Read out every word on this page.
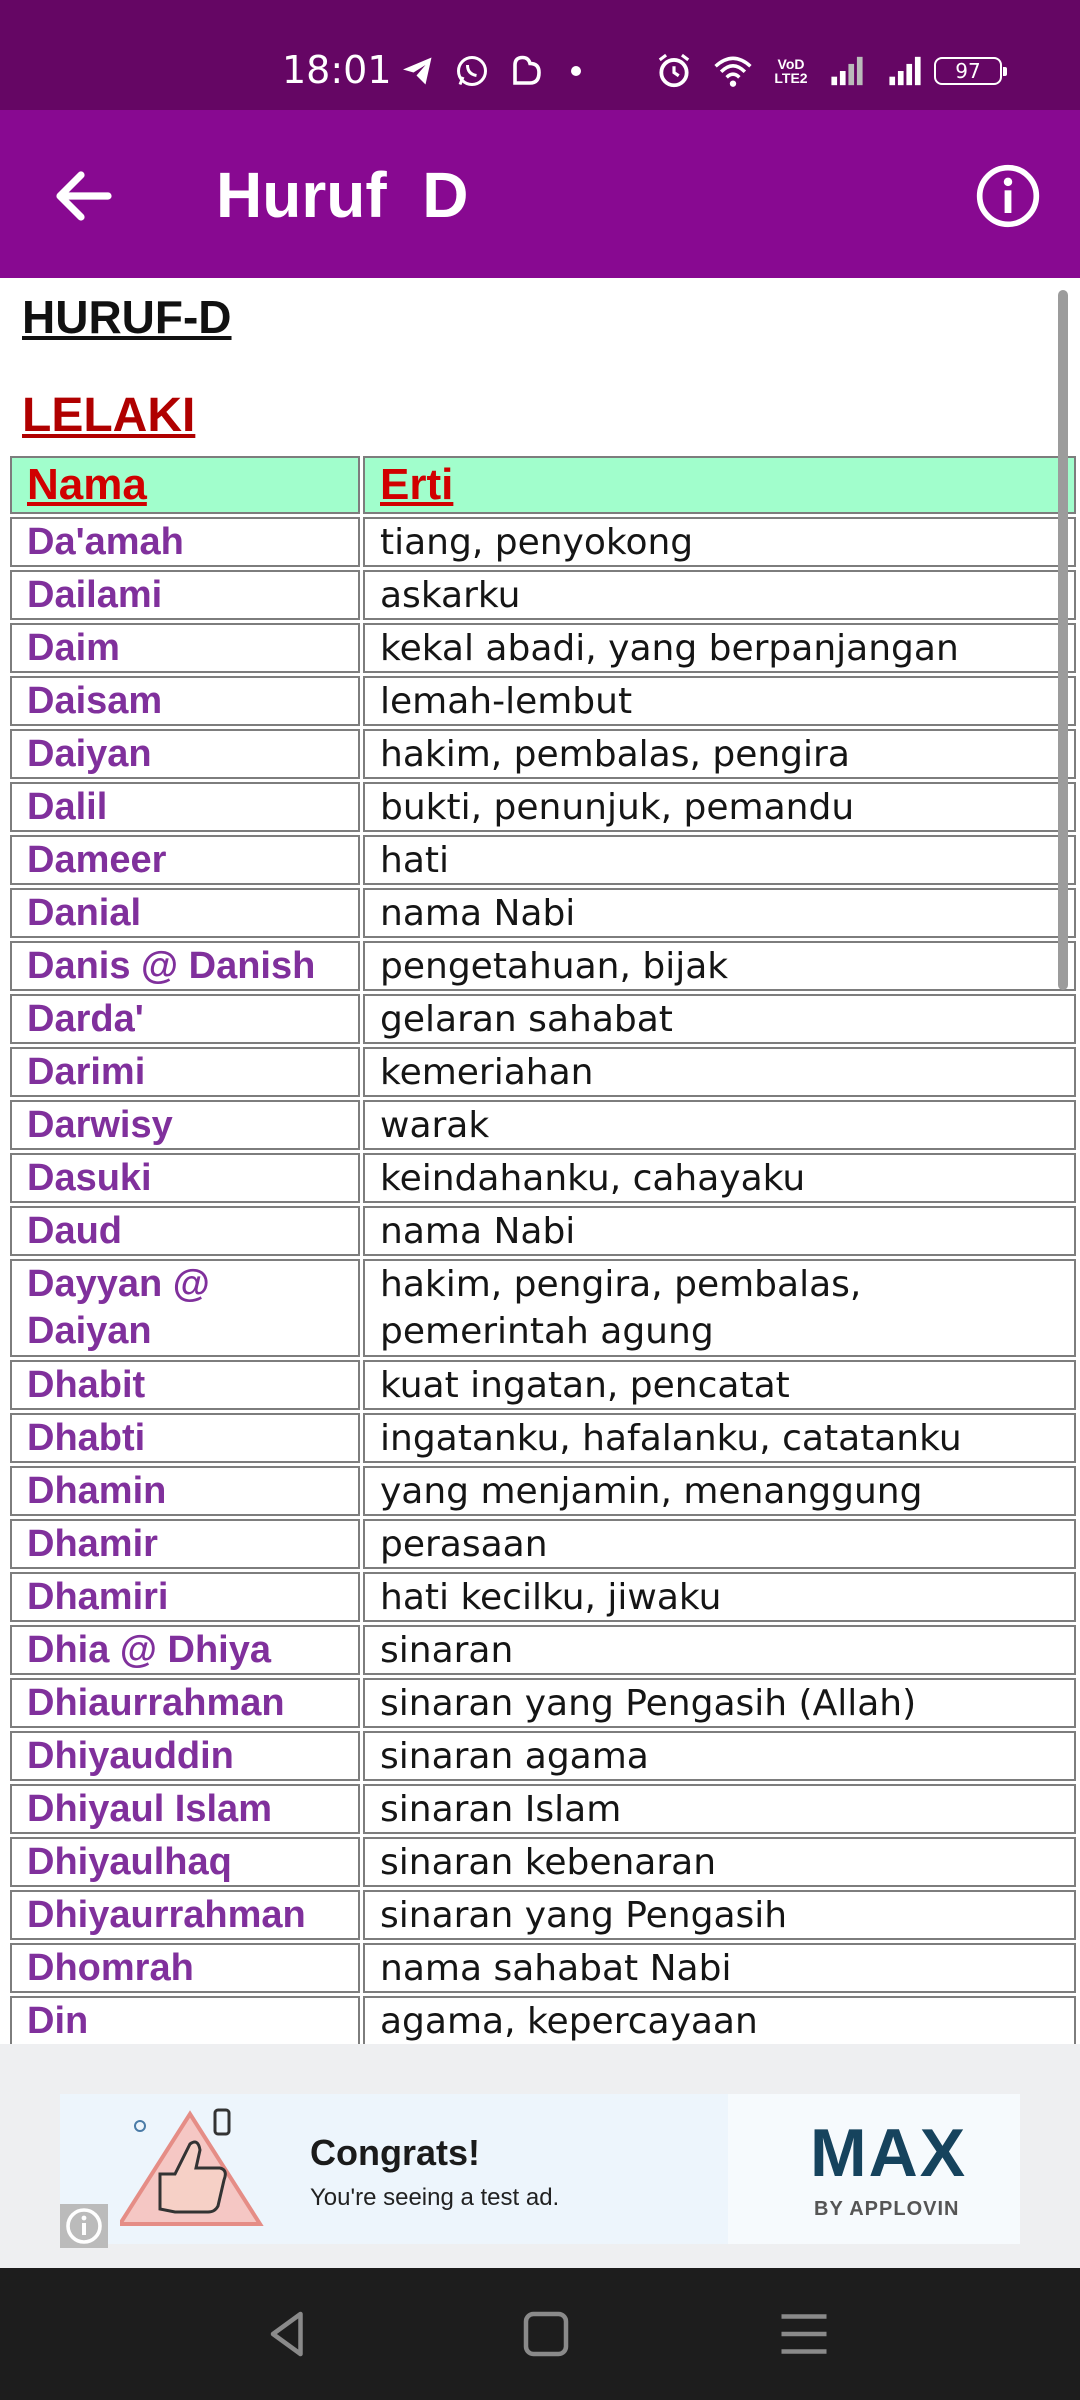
18:01	VoD LTE2	97
Huruf  D
HURUF-D
LELAKI
Nama	Erti
Da'amah	tiang, penyokong
Dailami	askarku
Daim	kekal abadi, yang berpanjangan
Daisam	lemah-lembut
Daiyan	hakim, pembalas, pengira
Dalil	bukti, penunjuk, pemandu
Dameer	hati
Danial	nama Nabi
Danis @ Danish	pengetahuan, bijak
Darda'	gelaran sahabat
Darimi	kemeriahan
Darwisy	warak
Dasuki	keindahanku, cahayaku
Daud	nama Nabi
Dayyan @ Daiyan	hakim, pengira, pembalas, pemerintah agung
Dhabit	kuat ingatan, pencatat
Dhabti	ingatanku, hafalanku, catatanku
Dhamin	yang menjamin, menanggung
Dhamir	perasaan
Dhamiri	hati kecilku, jiwaku
Dhia @ Dhiya	sinaran
Dhiaurrahman	sinaran yang Pengasih (Allah)
Dhiyauddin	sinaran agama
Dhiyaul Islam	sinaran Islam
Dhiyaulhaq	sinaran kebenaran
Dhiyaurrahman	sinaran yang Pengasih
Dhomrah	nama sahabat Nabi
Din	agama, kepercayaan
Congrats!
You're seeing a test ad.
MAX
BY APPLOVIN
